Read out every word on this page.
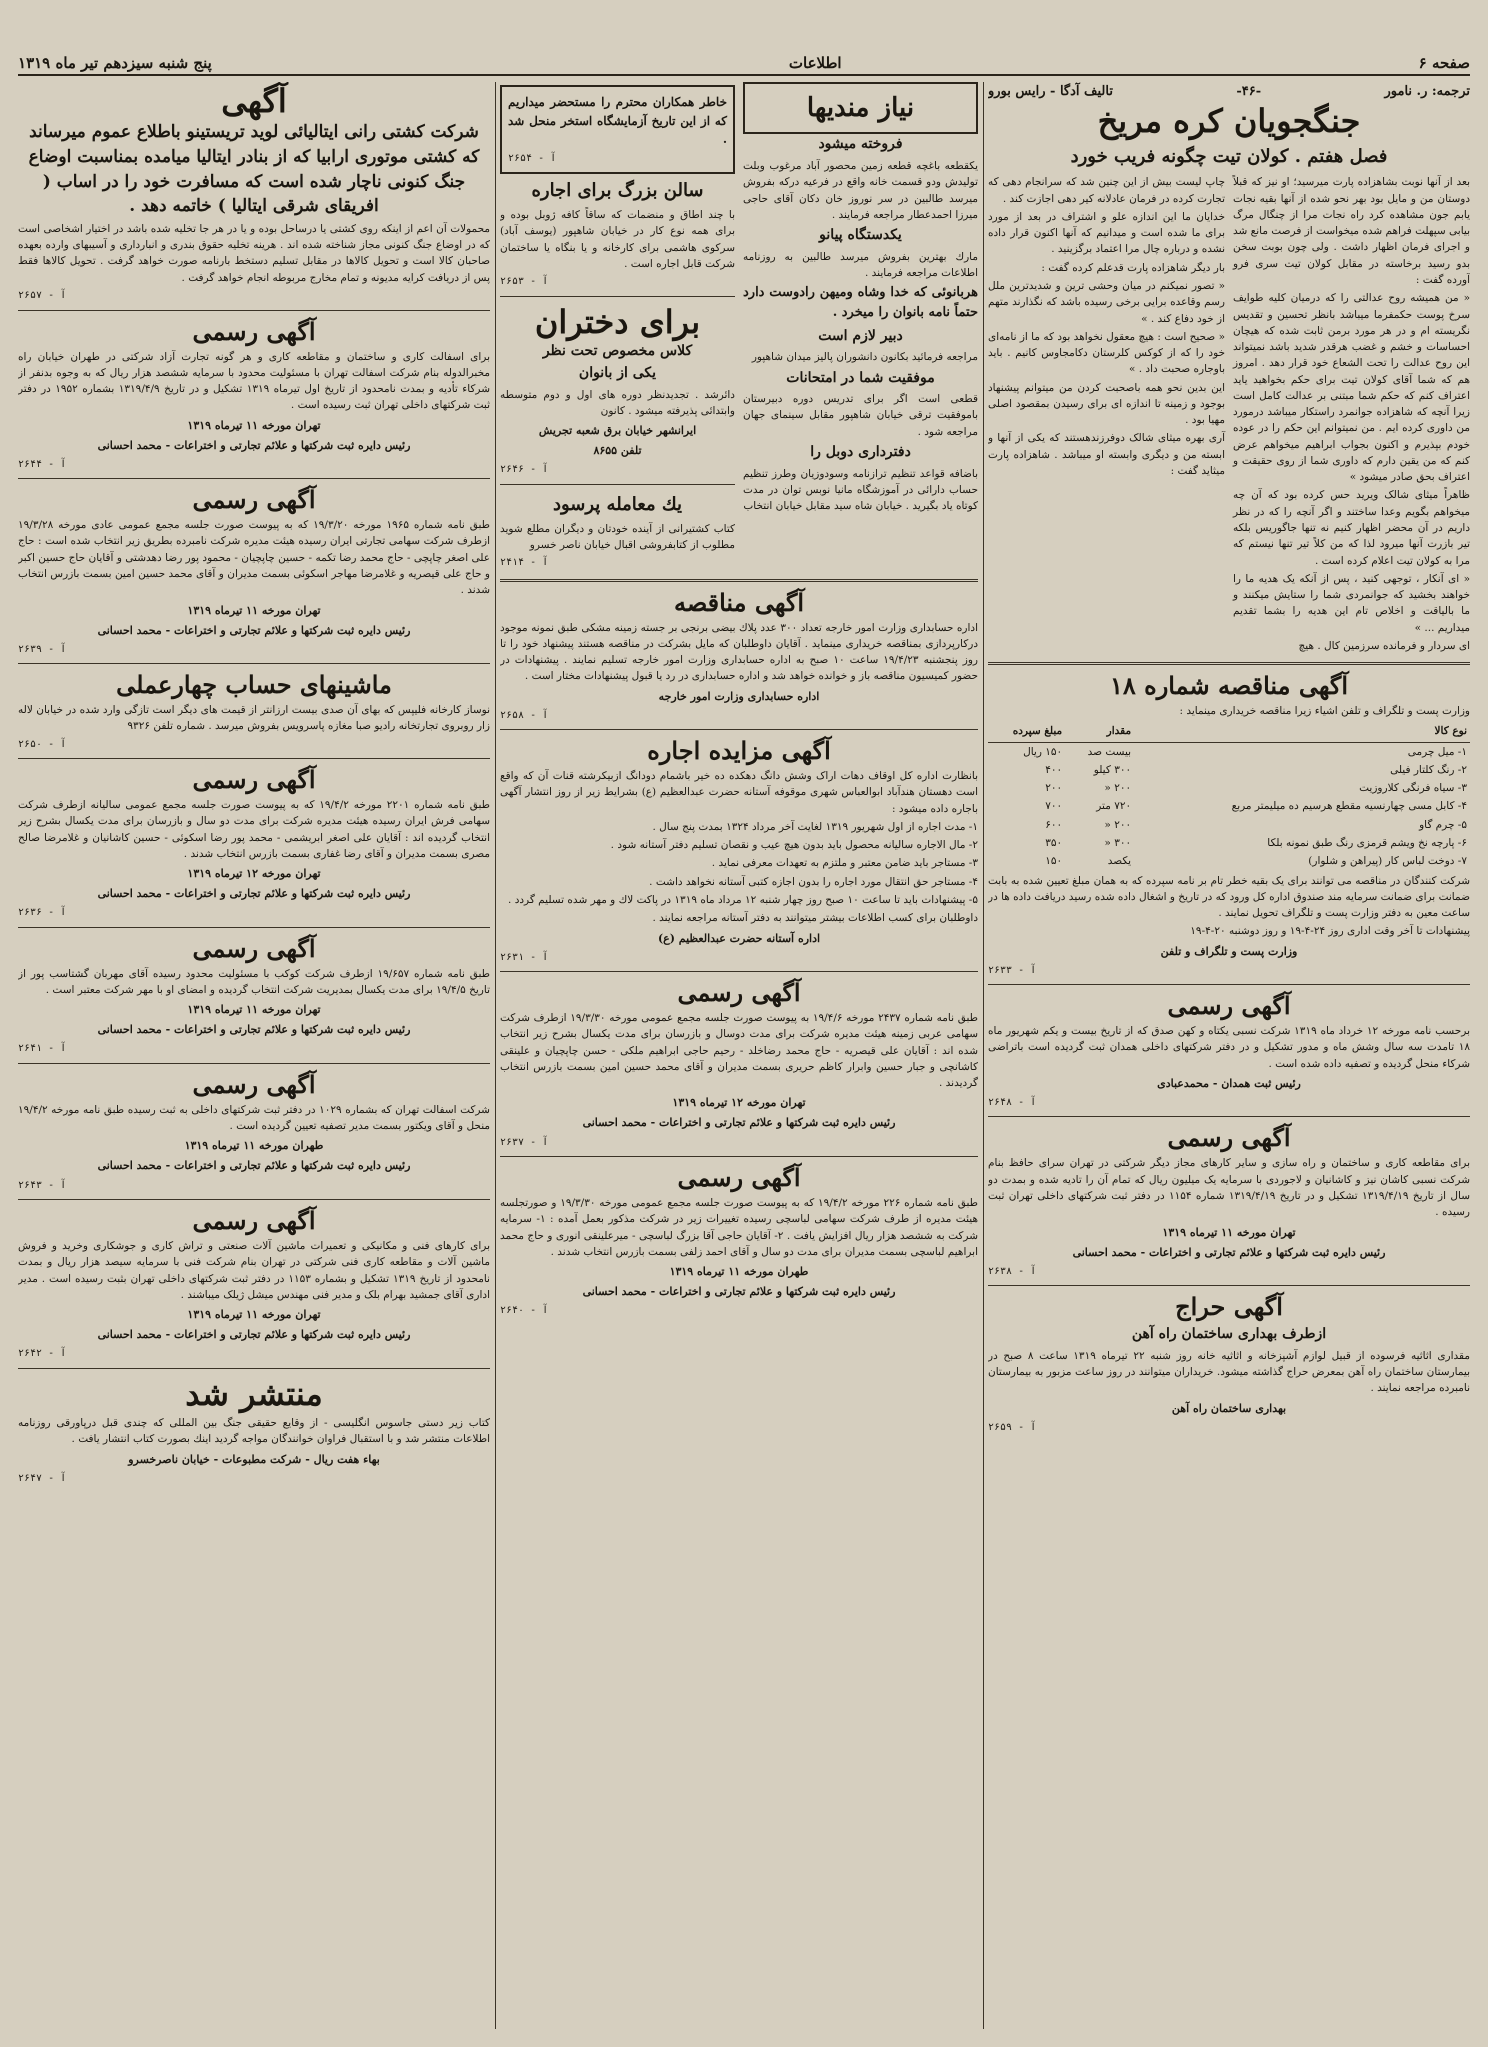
صفحه ۶
اطلاعات
پنج شنبه سیزدهم تیر ماه ۱۳۱۹
ترجمه: ر. نامور
-۴۶-
تالیف آدگا - رایس بورو
جنگجویان کره مریخ
فصل هفتم . کولان تیت چگونه فریب خورد

بعد از آنها نوبت بشاهزاده پارت میرسید؛ او نیز که قبلاً دوستان من و مایل بود بهر نحو شده از آنها بقیه نجات یابم جون مشاهده کرد راه نجات مرا از چنگال مرگ بیابی سپهلت فراهم شده میخواست از فرصت مانع شد و اجرای فرمان اظهار داشت . ولی چون بوبت سخن بدو رسید برخاسته در مقابل کولان تیت سری فرو آورده گفت :

« من همیشه روح عدالتی را که درمیان کلیه طوایف سرخ پوست حکمفرما میباشد بانظر تحسین و تقدیس نگریسته ام و در هر مورد برمن ثابت شده که هیچان احساسات و خشم و غضب هرقدر شدید باشد نمیتواند این روح عدالت را تحت الشعاع خود قرار دهد . امروز هم که شما آقای کولان تیت برای حکم بخواهید یاید اعتراف کنم که حکم شما مبتنی بر عدالت کامل است زیرا آنچه که شاهزاده جوانمرد راستکار میباشد درمورد من داوری کرده ایم . من نمیتوانم این حکم را در عوده خودم بپذیرم و اکنون بجواب ابراهیم میخواهم عرض کنم که من یقین دارم که داوری شما از روی حقیقت و اعتراف بحق صادر میشود »

ظاهراً میثای شالک ویرید حس کرده بود که آن چه میخواهم بگویم وعدا ساختند و اگر آنچه را که در نظر داریم در آن محضر اظهار کنیم نه تنها جاگوریس بلکه تیر بازرت آنها میرود لذا که من کلاً تیر تنها نیستم که مرا به کولان تیت اعلام کرده است .

« ای آنکار ، توجهی کنید ، پس از آنکه یک هدیه ما را خواهند بخشید که جوانمردی شما را ستایش میکنند و ما بالیاقت و اخلاص تام این هدیه را بشما تقدیم میداریم ... »

ای سردار و فرمانده سرزمین کال . هیچ

چاپ لیست بیش از این چنین شد که سرانجام دهی که تجارت کرده در فرمان عادلانه کیر دهی اجازت کند .

خدایان ما این اندازه علو و اشتراف در بعد از مورد برای ما شده است و میدانیم که آنها اکنون قرار داده نشده و درباره چال مرا اعتماد برگزینید .

بار دیگر شاهزاده پارت قدعلم کرده گفت :

« تصور نمیکنم در میان وحشی ترین و شدیدترین ملل رسم وقاعده برایی برخی رسیده باشد که نگذارند متهم از خود دفاع کند . »

« صحیح است : هیچ معقول نخواهد بود که ما از نامه‌ای خود را که از کوکس کلرستان دکامجاوس کانیم . باید باوجاره صحبت داد . »

این بدین نحو همه باصحبت کردن من میتوانم پیشنهاد بوجود و زمینه تا اندازه ای برای رسیدن بمقصود اصلی مهیا بود .

آری بهره میثای شالک دوفرزندهستند که یکی از آنها و ابسته من و دیگری وابسته او میباشد . شاهزاده پارت میثاید گفت :

آگهی مناقصه شماره ۱۸

وزارت پست و تلگراف و تلفن اشیاء زیرا مناقصه خریداری مینماید :

نوع کالا	مقدار	مبلغ سپرده
۱- میل چرمی	بیست صد	۱۵۰ ریال
۲- رنگ کلتار فیلی	۳۰۰ کیلو	۴۰۰
۳- سیاه فرنگی کلاروزیت	۲۰۰ «	۲۰۰
۴- کابل مسی چهارنسیه مقطع هرسیم ده میلیمتر مربع	۷۲۰ متر	۷۰۰
۵- چرم گاو	۲۰۰ «	۶۰۰
۶- پارچه نخ ویشم قرمزی رنگ طبق نمونه بلکا	۳۰۰ «	۳۵۰
۷- دوخت لباس کار (پیراهن و شلوار)	یکصد	۱۵۰

شرکت کنندگان در مناقصه می توانند برای یک بقیه خطر تام بر نامه سپرده که به همان مبلغ تعیین شده به بابت ضمانت برای ضمانت سرمایه مند صندوق اداره کل ورود که در تاریخ و اشغال داده شده رسید دریافت داده ها در ساعت معین به دفتر وزارت پست و تلگراف تحویل نمایند .

پیشنهادات تا آخر وقت اداری روز ۲۴-۴-۱۹ و روز دوشنبه ۲۰-۴-۱۹

وزارت پست و تلگراف و تلفن
آ - ۲۶۳۳
آگهی رسمی

برحسب نامه مورخه ۱۲ خرداد ماه ۱۳۱۹ شرکت نسبی یکتاه و کهن صدق که از تاریخ بیست و یکم شهریور ماه ۱۸ تامدت سه سال وشش ماه و مدور تشکیل و در دفتر شرکتهای داخلی همدان ثبت گردیده است باتراضی شرکاء منحل گردیده و تصفیه داده شده است .

رئیس ثبت همدان - محمدعبادی
آ - ۲۶۴۸
آگهی رسمی

برای مقاطعه کاری و ساختمان و راه سازی و سایر کارهای مجاز دیگر شرکتی در تهران سرای حافظ بنام شرکت نسبی کاشان نیز و کاشانیان و لاجوردی با سرمایه یک میلیون ریال که تمام آن را تادیه شده و بمدت دو سال از تاریخ ۱۳۱۹/۴/۱۹ تشکیل و در تاریخ ۱۳۱۹/۴/۱۹ شماره ۱۱۵۴ در دفتر ثبت شرکتهای داخلی تهران ثبت رسیده .

تهران مورخه ۱۱ تیرماه ۱۳۱۹
رئیس دایره ثبت شرکتها و علائم تجارتی و اختراعات - محمد احسانی
آ - ۲۶۳۸
آگهی حراج
ازطرف بهداری ساختمان راه آهن

مقداری اثاثیه فرسوده از قبیل لوازم آشپزخانه و اثاثیه خانه روز شنبه ۲۲ تیرماه ۱۳۱۹ ساعت ۸ صبح در بیمارستان ساختمان راه آهن بمعرض حراج گذاشته میشود. خریداران میتوانند در روز ساعت مزبور به بیمارستان نامبرده مراجعه نمایند .

بهداری ساختمان راه آهن
آ - ۲۶۵۹
نیاز مندیها
فروخته میشود

یکقطعه باغچه قطعه زمین محصور آباد مرغوب وبلت تولیدش ودو قسمت خانه واقع در فرعیه دركه بفروش میرسد طالبین در سر نوروز خان دکان آقای حاجی میرزا احمدعطار مراجعه فرمایند .

یکدستگاه پیانو

مارك بهترین بفروش میرسد طالبین به روزنامه اطلاعات مراجعه فرمایند .

هربانوئی که خدا وشاه ومیهن رادوست دارد حتماً نامه بانوان را میخرد .

دبیر لازم است

مراجعه فرمائید بکانون دانشوران پالیز میدان شاهپور

موفقیت شما در امتحانات

قطعی است اگر برای تدریس دوره دبیرستان باموفقیت ترقی خیابان شاهپور مقابل سینمای جهان مراجعه شود .

دفترداری دوبل را

باضافه قواعد تنظیم ترازنامه وسودوزیان وطرز تنظیم حساب دارائی در آموزشگاه مانیا نوبس توان در مدت کوتاه یاد بگیرید . خیابان شاه سید مقابل خیابان انتخاب

خاطر همکاران محترم را مستحضر میداریم که از این تاریخ آزمایشگاه استخر منحل شد .

آ - ۲۶۵۴
سالن بزرگ برای اجاره

با چند اطاق و منضمات که ساقاً کافه ژوبل بوده و برای همه نوع کار در خیابان شاهپور (یوسف آباد) سرکوی هاشمی برای کارخانه و یا بنگاه یا ساختمان شرکت قابل اجاره است .

آ - ۲۶۵۳
برای دختران
کلاس مخصوص تحت نظر
یکی از بانوان

دائرشد . تجدیدنظر دوره های اول و دوم متوسطه وابتدائی پذیرفته میشود . کانون

ایرانشهر خیابان برق شعبه تجریش
تلفن ۸۶۵۵
آ - ۲۶۴۶
یك معامله پرسود

کتاب کشتیرانی از آینده خودتان و دیگران مطلع شوید مطلوب از کتابفروشی اقبال خیابان ناصر خسرو

آ - ۲۴۱۴
آگهی مناقصه

اداره حسابداری وزارت امور خارجه تعداد ۳۰۰ عدد پلاك بیضی برنجی بر جسته زمینه مشکی طبق نمونه موجود درکارپردازی بمناقصه خریداری مینماید . آقایان داوطلبان که مایل بشرکت در مناقصه هستند پیشنهاد خود را تا روز پنجشنبه ۱۹/۴/۲۳ ساعت ۱۰ صبح به اداره حسابداری وزارت امور خارجه تسلیم نمایند . پیشنهادات در حضور کمیسیون مناقصه باز و خوانده خواهد شد و اداره حسابداری در رد یا قبول پیشنهادات مختار است .

اداره حسابداری وزارت امور خارجه
آ - ۲۶۵۸
آگهی مزایده اجاره

بانظارت اداره کل اوقاف دهات اراک وشش دانگ دهکده ده خیر باشمام دودانگ ازبیکرشته قنات آن که واقع است دهستان هندآباد ابوالعباس شهری موقوفه آستانه حضرت عبدالعظیم (ع) بشرایط زیر از روز انتشار آگهی باجاره داده میشود :

۱- مدت اجاره از اول شهریور ۱۳۱۹ لغایت آخر مرداد ۱۳۲۴ بمدت پنج سال .

۲- مال الاجاره سالیانه محصول باید بدون هیچ عیب و نقصان تسلیم دفتر آستانه شود .

۳- مستاجر باید ضامن معتبر و ملتزم به تعهدات معرفی نماید .

۴- مستاجر حق انتقال مورد اجاره را بدون اجازه کتبی آستانه نخواهد داشت .

۵- پیشنهادات باید تا ساعت ۱۰ صبح روز چهار شنبه ۱۲ مرداد ماه ۱۳۱۹ در پاکت لاك و مهر شده تسلیم گردد .

داوطلبان برای کسب اطلاعات بیشتر میتوانند به دفتر آستانه مراجعه نمایند .

اداره آستانه حضرت عبدالعظیم (ع)
آ - ۲۶۳۱
آگهی رسمی

طبق نامه شماره ۲۴۳۷ مورخه ۱۹/۴/۶ به پیوست صورت جلسه مجمع عمومی مورخه ۱۹/۳/۳۰ ازطرف شرکت سهامی عربی زمینه هیئت مدیره شرکت برای مدت دوسال و بازرسان برای مدت یکسال بشرح زیر انتخاب شده اند : آقایان علی قیصریه - حاج محمد رضاخلد - رحیم حاجی ابراهیم ملکی - حسن چاپچیان و علینقی کاشانچی و جبار حسین وابرار کاظم حریری بسمت مدیران و آقای محمد حسین امین بسمت بازرس انتخاب گردیدند .

تهران مورخه ۱۲ تیرماه ۱۳۱۹
رئیس دایره ثبت شرکتها و علائم تجارتی و اختراعات - محمد احسانی
آ - ۲۶۳۷
آگهی رسمی

طبق نامه شماره ۲۲۶ مورخه ۱۹/۴/۲ که به پیوست صورت جلسه مجمع عمومی مورخه ۱۹/۳/۳۰ و صورتجلسه هیئت مدیره از طرف شرکت سهامی لباسچی رسیده تغییرات زیر در شرکت مذکور بعمل آمده : ۱- سرمایه شرکت به ششصد هزار ریال افزایش یافت . ۲- آقایان حاجی آقا بزرگ لباسچی - میرعلینقی انوری و حاج محمد ابراهیم لباسچی بسمت مدیران برای مدت دو سال و آقای احمد زلفی بسمت بازرس انتخاب شدند .

طهران مورخه ۱۱ تیرماه ۱۳۱۹
رئیس دایره ثبت شرکتها و علائم تجارتی و اختراعات - محمد احسانی
آ - ۲۶۴۰
آگهی
شرکت کشتی رانی ایتالیائی لوید تریستینو باطلاع عموم میرساند که کشتی موتوری ارابیا که از بنادر ایتالیا میامده بمناسبت اوضاع جنگ کنونی ناچار شده است که مسافرت خود را در اساب ( افریقای شرقی ایتالیا ) خاتمه دهد .

محمولات آن اعم از اینکه روی کشتی یا درساحل بوده و یا در هر جا تخلیه شده باشد در اختیار اشخاصی است که در اوضاع جنگ کنونی مجاز شناخته شده اند . هرینه تخلیه حقوق بندری و انبارداری و آسیبهای وارده بعهده صاحبان کالا است و تحویل کالاها در مقابل تسلیم دستخط بارنامه صورت خواهد گرفت . تحویل کالاها فقط پس از دریافت کرایه مدیونه و تمام مخارج مربوطه انجام خواهد گرفت .

آ - ۲۶۵۷
آگهی رسمی

برای اسفالت کاری و ساختمان و مقاطعه کاری و هر گونه تجارت آزاد شرکتی در طهران خیابان راه مخبرالدوله بنام شرکت اسفالت تهران با مسئولیت محدود با سرمایه ششصد هزار ریال که به وجوه بدنفر از شرکاء تأدیه و بمدت نامحدود از تاریخ اول تیرماه ۱۳۱۹ تشکیل و در تاریخ ۱۳۱۹/۴/۹ بشماره ۱۹۵۲ در دفتر ثبت شرکتهای داخلی تهران ثبت رسیده است .

تهران مورخه ۱۱ تیرماه ۱۳۱۹
رئیس دایره ثبت شرکتها و علائم تجارتی و اختراعات - محمد احسانی
آ - ۲۶۴۴
آگهی رسمی

طبق نامه شماره ۱۹۶۵ مورخه ۱۹/۳/۲۰ که به پیوست صورت جلسه مجمع عمومی عادی مورخه ۱۹/۳/۲۸ ازطرف شرکت سهامی تجارتی ایران رسیده هیئت مدیره شرکت نامبرده بطریق زیر انتخاب شده است : حاج علی اصغر چاپچی - حاج محمد رضا تکمه - حسین چاپچیان - محمود پور رضا دهدشتی و آقایان حاج حسین اکبر و حاج علی قیصریه و غلامرضا مهاجر اسکوئی بسمت مدیران و آقای محمد حسین امین بسمت بازرس انتخاب شدند .

تهران مورخه ۱۱ تیرماه ۱۳۱۹
رئیس دایره ثبت شرکتها و علائم تجارتی و اختراعات - محمد احسانی
آ - ۲۶۳۹
ماشینهای حساب چهارعملی

نوساز کارخانه فلیپس که بهای آن صدی بیست ارزانتر از قیمت های دیگر است تازگی وارد شده در خیابان لاله زار روبروی تجارتخانه رادیو صبا مغازه پاسرویس بفروش میرسد . شماره تلفن ۹۳۲۶

آ - ۲۶۵۰
آگهی رسمی

طبق نامه شماره ۲۲۰۱ مورخه ۱۹/۴/۲ که به پیوست صورت جلسه مجمع عمومی سالیانه ازطرف شرکت سهامی فرش ایران رسیده هیئت مدیره شرکت برای مدت دو سال و بازرسان برای مدت یکسال بشرح زیر انتخاب گردیده اند : آقایان علی اصغر ابریشمی - محمد پور رضا اسکوئی - حسین کاشانیان و غلامرضا صالح مصری بسمت مدیران و آقای رضا غفاری بسمت بازرس انتخاب شدند .

تهران مورخه ۱۲ تیرماه ۱۳۱۹
رئیس دایره ثبت شرکتها و علائم تجارتی و اختراعات - محمد احسانی
آ - ۲۶۳۶
آگهی رسمی

طبق نامه شماره ۱۹/۶۵۷ ازطرف شرکت کوکب با مسئولیت محدود رسیده آقای مهربان گشتاسب پور از تاریخ ۱۹/۴/۵ برای مدت یکسال بمدیریت شرکت انتخاب گردیده و امضای او با مهر شرکت معتبر است .

تهران مورخه ۱۱ تیرماه ۱۳۱۹
رئیس دایره ثبت شرکتها و علائم تجارتی و اختراعات - محمد احسانی
آ - ۲۶۴۱
آگهی رسمی

شرکت اسفالت تهران که بشماره ۱۰۲۹ در دفتر ثبت شرکتهای داخلی به ثبت رسیده طبق نامه مورخه ۱۹/۴/۲ منحل و آقای ویکتور بسمت مدیر تصفیه تعیین گردیده است .

طهران مورخه ۱۱ تیرماه ۱۳۱۹
رئیس دایره ثبت شرکتها و علائم تجارتی و اختراعات - محمد احسانی
آ - ۲۶۴۳
آگهی رسمی

برای کارهای فنی و مکانیکی و تعمیرات ماشین آلات صنعتی و تراش کاری و جوشکاری وخرید و فروش ماشین آلات و مقاطعه کاری فنی شرکتی در تهران بنام شرکت فنی با سرمایه سیصد هزار ریال و بمدت نامحدود از تاریخ ۱۳۱۹ تشکیل و بشماره ۱۱۵۳ در دفتر ثبت شرکتهای داخلی تهران بثبت رسیده است . مدیر اداری آقای جمشید بهرام بلک و مدیر فنی مهندس میشل ژیلک میباشند .

تهران مورخه ۱۱ تیرماه ۱۳۱۹
رئیس دایره ثبت شرکتها و علائم تجارتی و اختراعات - محمد احسانی
آ - ۲۶۴۲
منتشر شد

كتاب زیر دستی جاسوس انگلیسی - از وقایع حقیقی جنگ بین المللی که چندی قبل درپاورقی روزنامه اطلاعات منتشر شد و با استقبال فراوان خوانندگان مواجه گردید اینك بصورت کتاب انتشار یافت .

بهاء هفت ریال - شرکت مطبوعات - خیابان ناصرخسرو
آ - ۲۶۴۷
